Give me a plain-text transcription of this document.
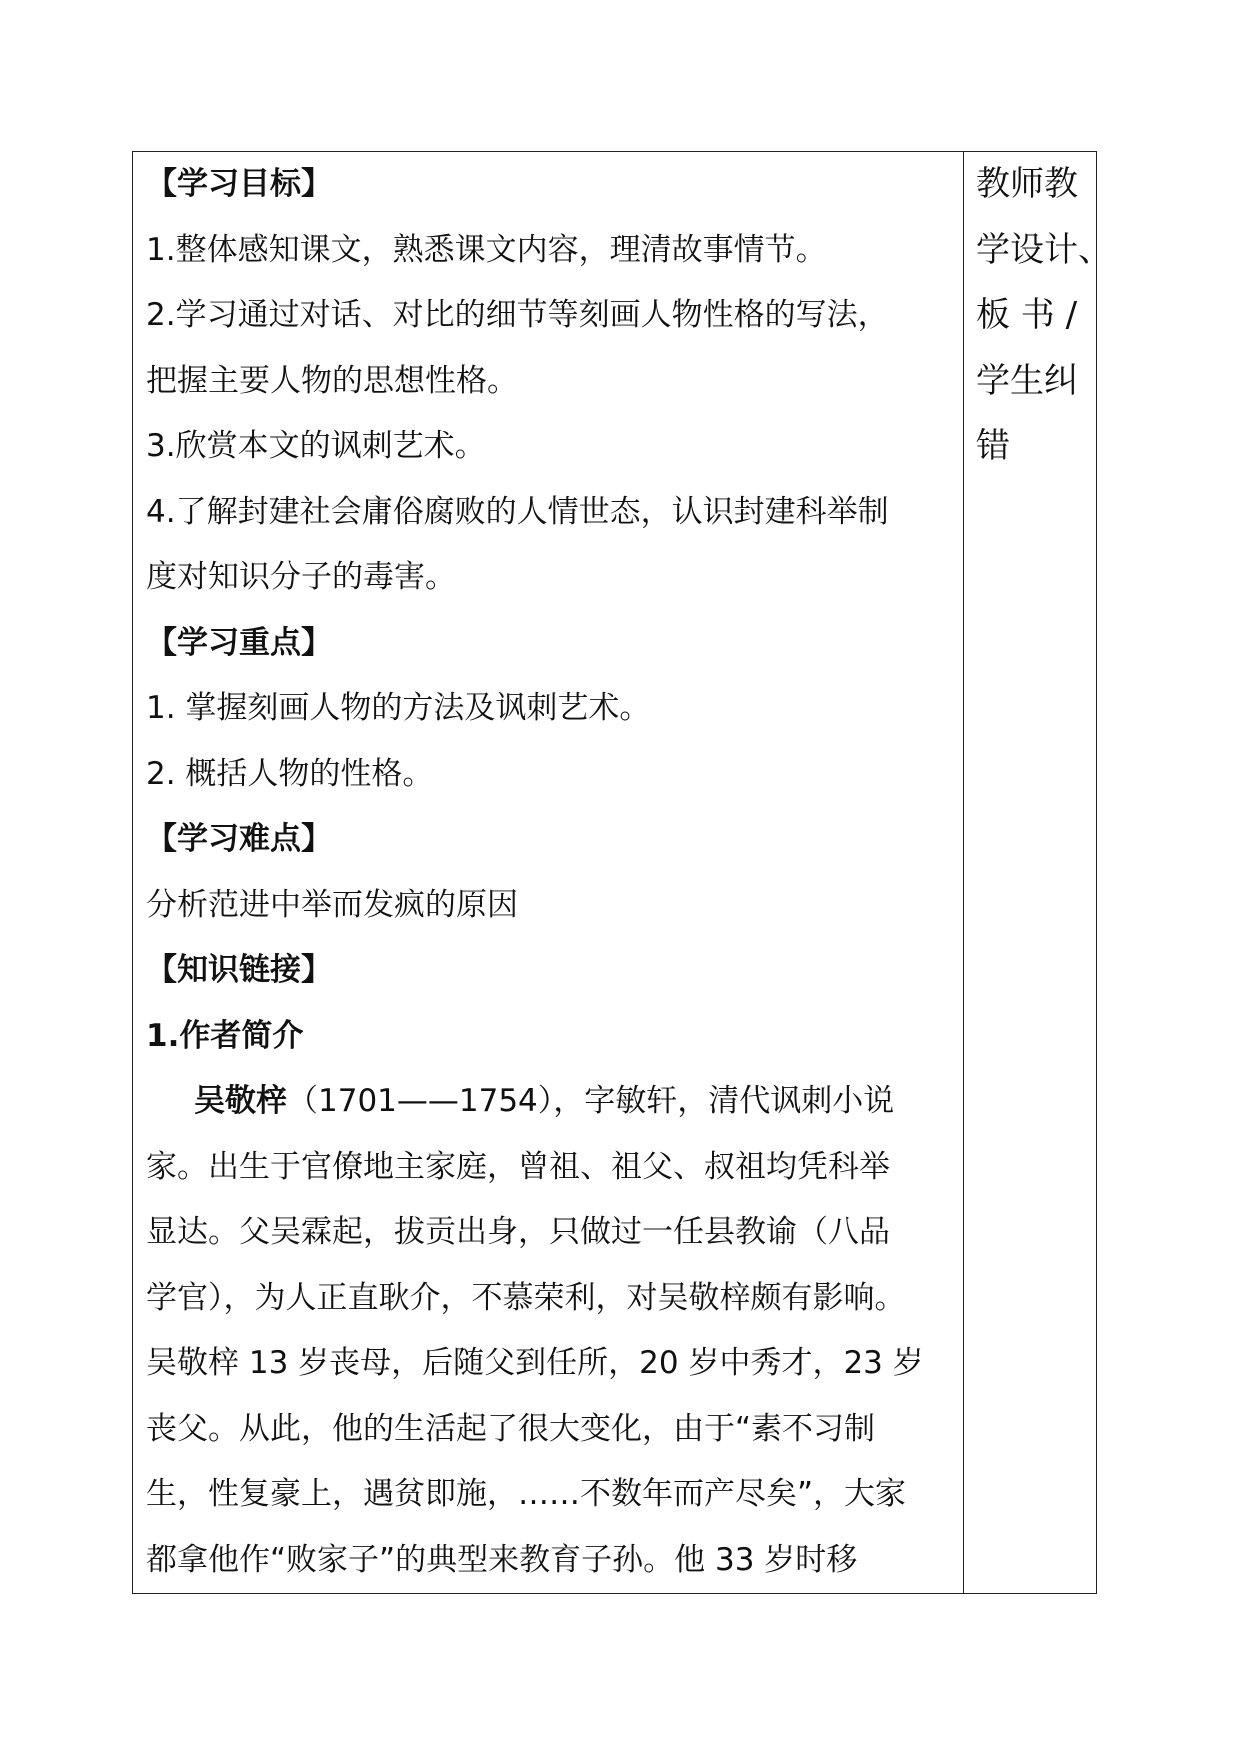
【学习目标】
1.整体感知课文，熟悉课文内容，理清故事情节。
2.学习通过对话、对比的细节等刻画人物性格的写法，
把握主要人物的思想性格。
3.欣赏本文的讽刺艺术。
4.了解封建社会庸俗腐败的人情世态，认识封建科举制
度对知识分子的毒害。
【学习重点】
1. 掌握刻画人物的方法及讽刺艺术。
2. 概括人物的性格。
【学习难点】
分析范进中举而发疯的原因
【知识链接】
1.作者简介
吴敬梓（1701——1754），字敏轩，清代讽刺小说
家。出生于官僚地主家庭，曾祖、祖父、叔祖均凭科举
显达。父吴霖起，拔贡出身，只做过一任县教谕（八品
学官），为人正直耿介，不慕荣利，对吴敬梓颇有影响。
吴敬梓 13 岁丧母，后随父到任所，20 岁中秀才，23 岁
丧父。从此，他的生活起了很大变化，由于“素不习制
生，性复豪上，遇贫即施，……不数年而产尽矣”，大家
都拿他作“败家子”的典型来教育子孙。他 33 岁时移
教师教
学设计、
板 书 /
学生纠
错
